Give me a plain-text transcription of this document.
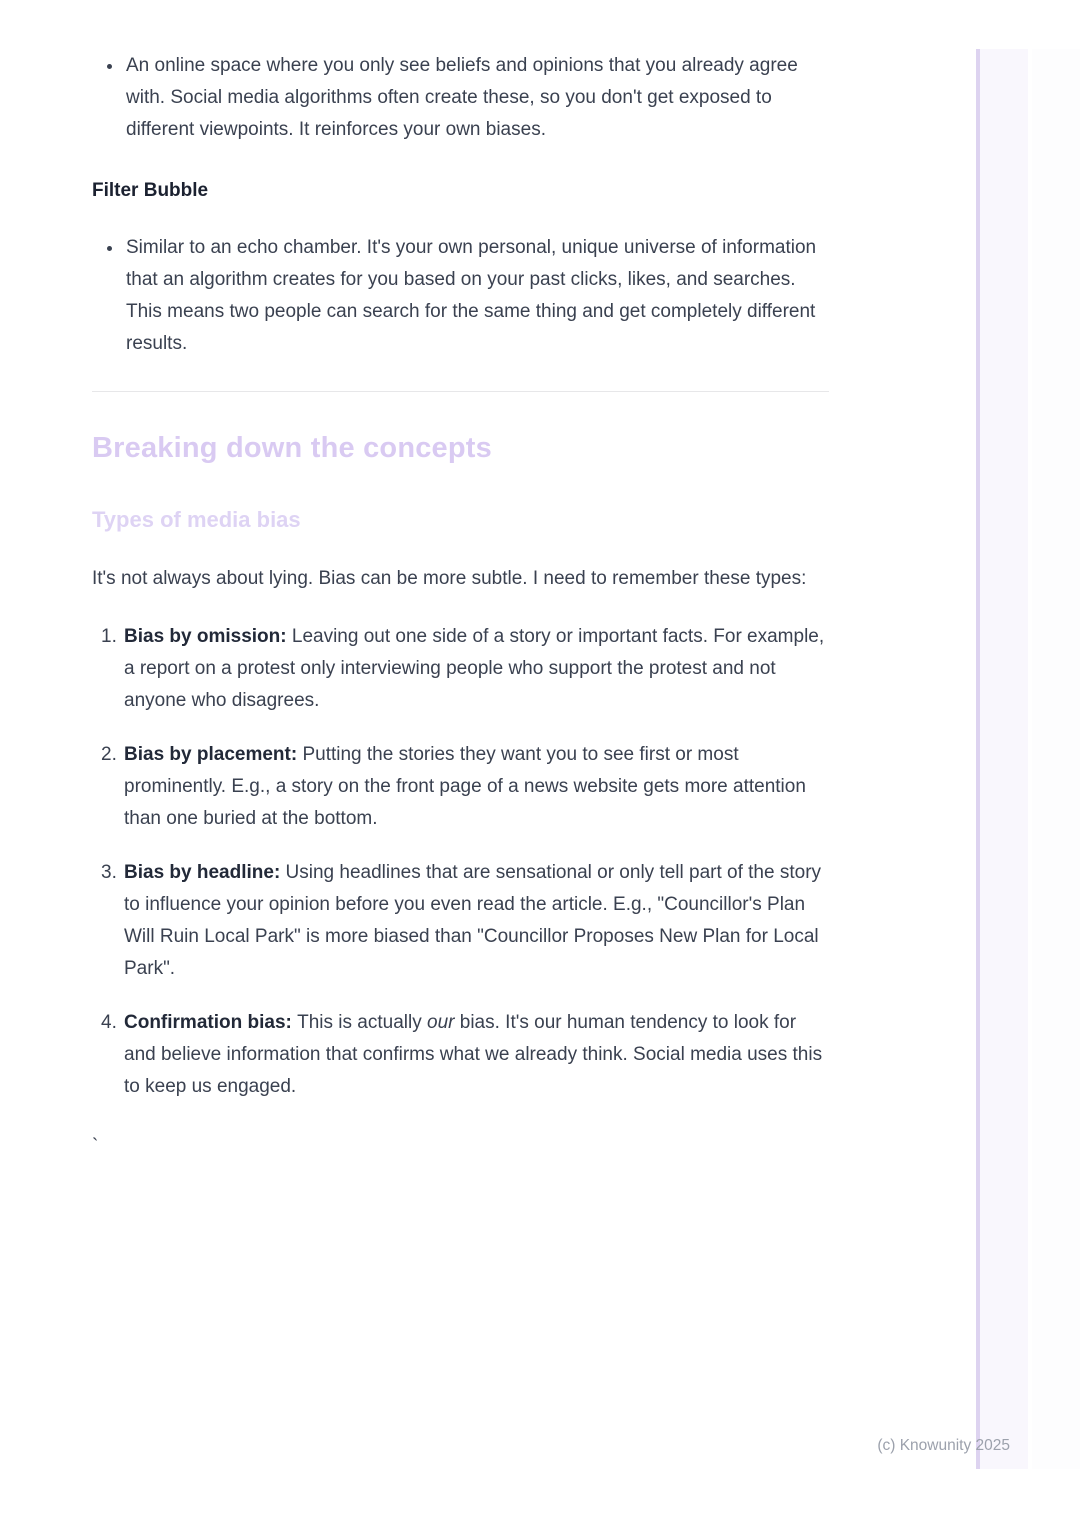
• An online space where you only see beliefs and opinions that you already agree with. Social media algorithms often create these, so you don't get exposed to different viewpoints. It reinforces your own biases.
Filter Bubble
• Similar to an echo chamber. It's your own personal, unique universe of information that an algorithm creates for you based on your past clicks, likes, and searches. This means two people can search for the same thing and get completely different results.
Breaking down the concepts
Types of media bias

It's not always about lying. Bias can be more subtle. I need to remember these types:

1. Bias by omission: Leaving out one side of a story or important facts. For example, a report on a protest only interviewing people who support the protest and not anyone who disagrees.
2. Bias by placement: Putting the stories they want you to see first or most prominently. E.g., a story on the front page of a news website gets more attention than one buried at the bottom.
3. Bias by headline: Using headlines that are sensational or only tell part of the story to influence your opinion before you even read the article. E.g., "Councillor's Plan Will Ruin Local Park" is more biased than "Councillor Proposes New Plan for Local Park".
4. Confirmation bias: This is actually our bias. It's our human tendency to look for and believe information that confirms what we already think. Social media uses this to keep us engaged.
`
(c) Knowunity 2025
